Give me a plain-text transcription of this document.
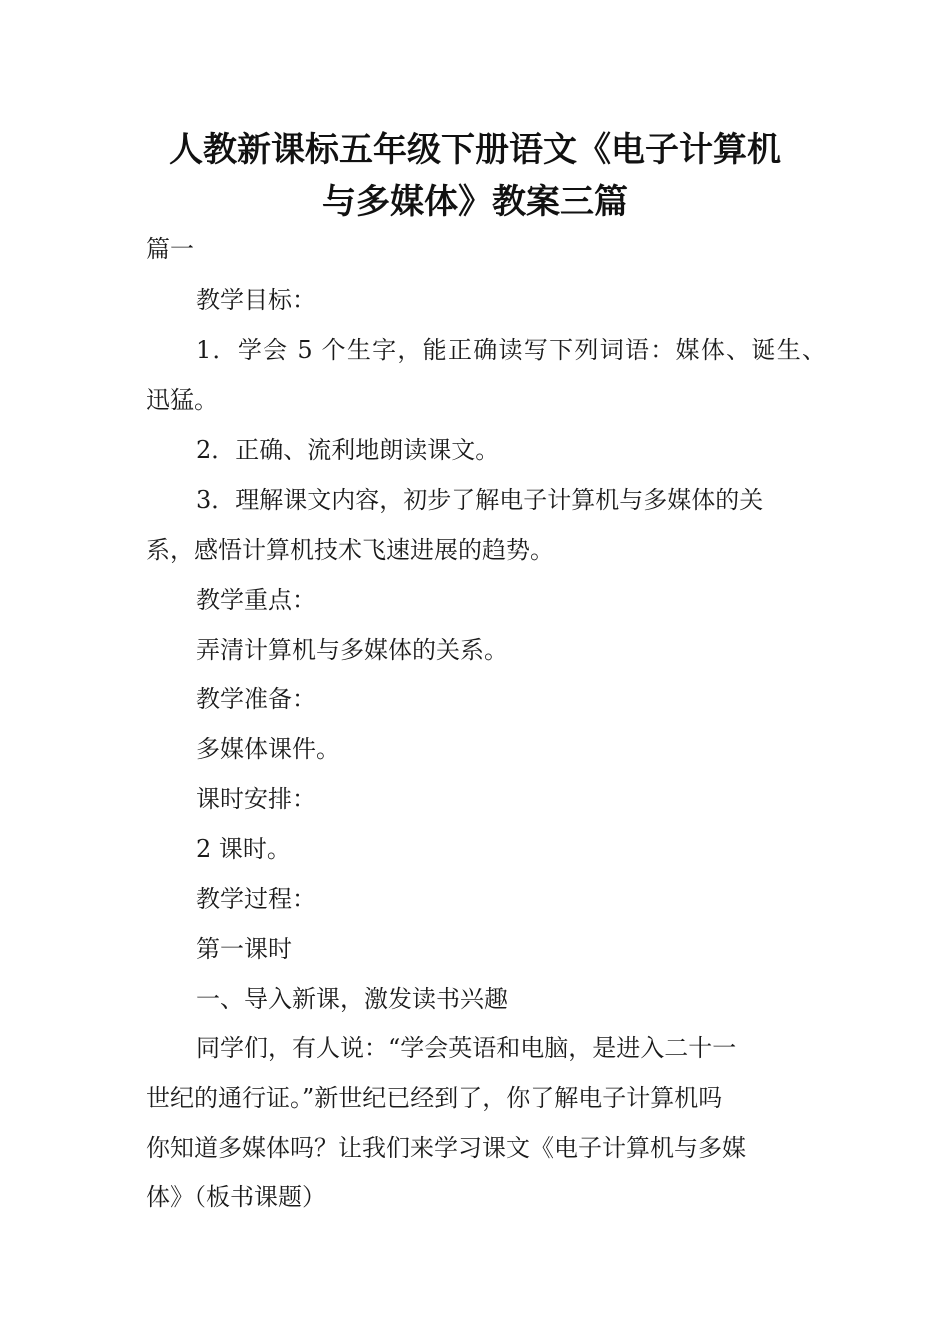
人教新课标五年级下册语文《电子计算机
与多媒体》教案三篇
篇一
教学目标：
1．学会 5 个生字，能正确读写下列词语：媒体、诞生、
迅猛。
2．正确、流利地朗读课文。
3．理解课文内容，初步了解电子计算机与多媒体的关
系，感悟计算机技术飞速进展的趋势。
教学重点：
弄清计算机与多媒体的关系。
教学准备：
多媒体课件。
课时安排：
2 课时。
教学过程：
第一课时
一、导入新课，激发读书兴趣
同学们，有人说：“学会英语和电脑，是进入二十一
世纪的通行证。”新世纪已经到了，你了解电子计算机吗
你知道多媒体吗？让我们来学习课文《电子计算机与多媒
体》（板书课题）
